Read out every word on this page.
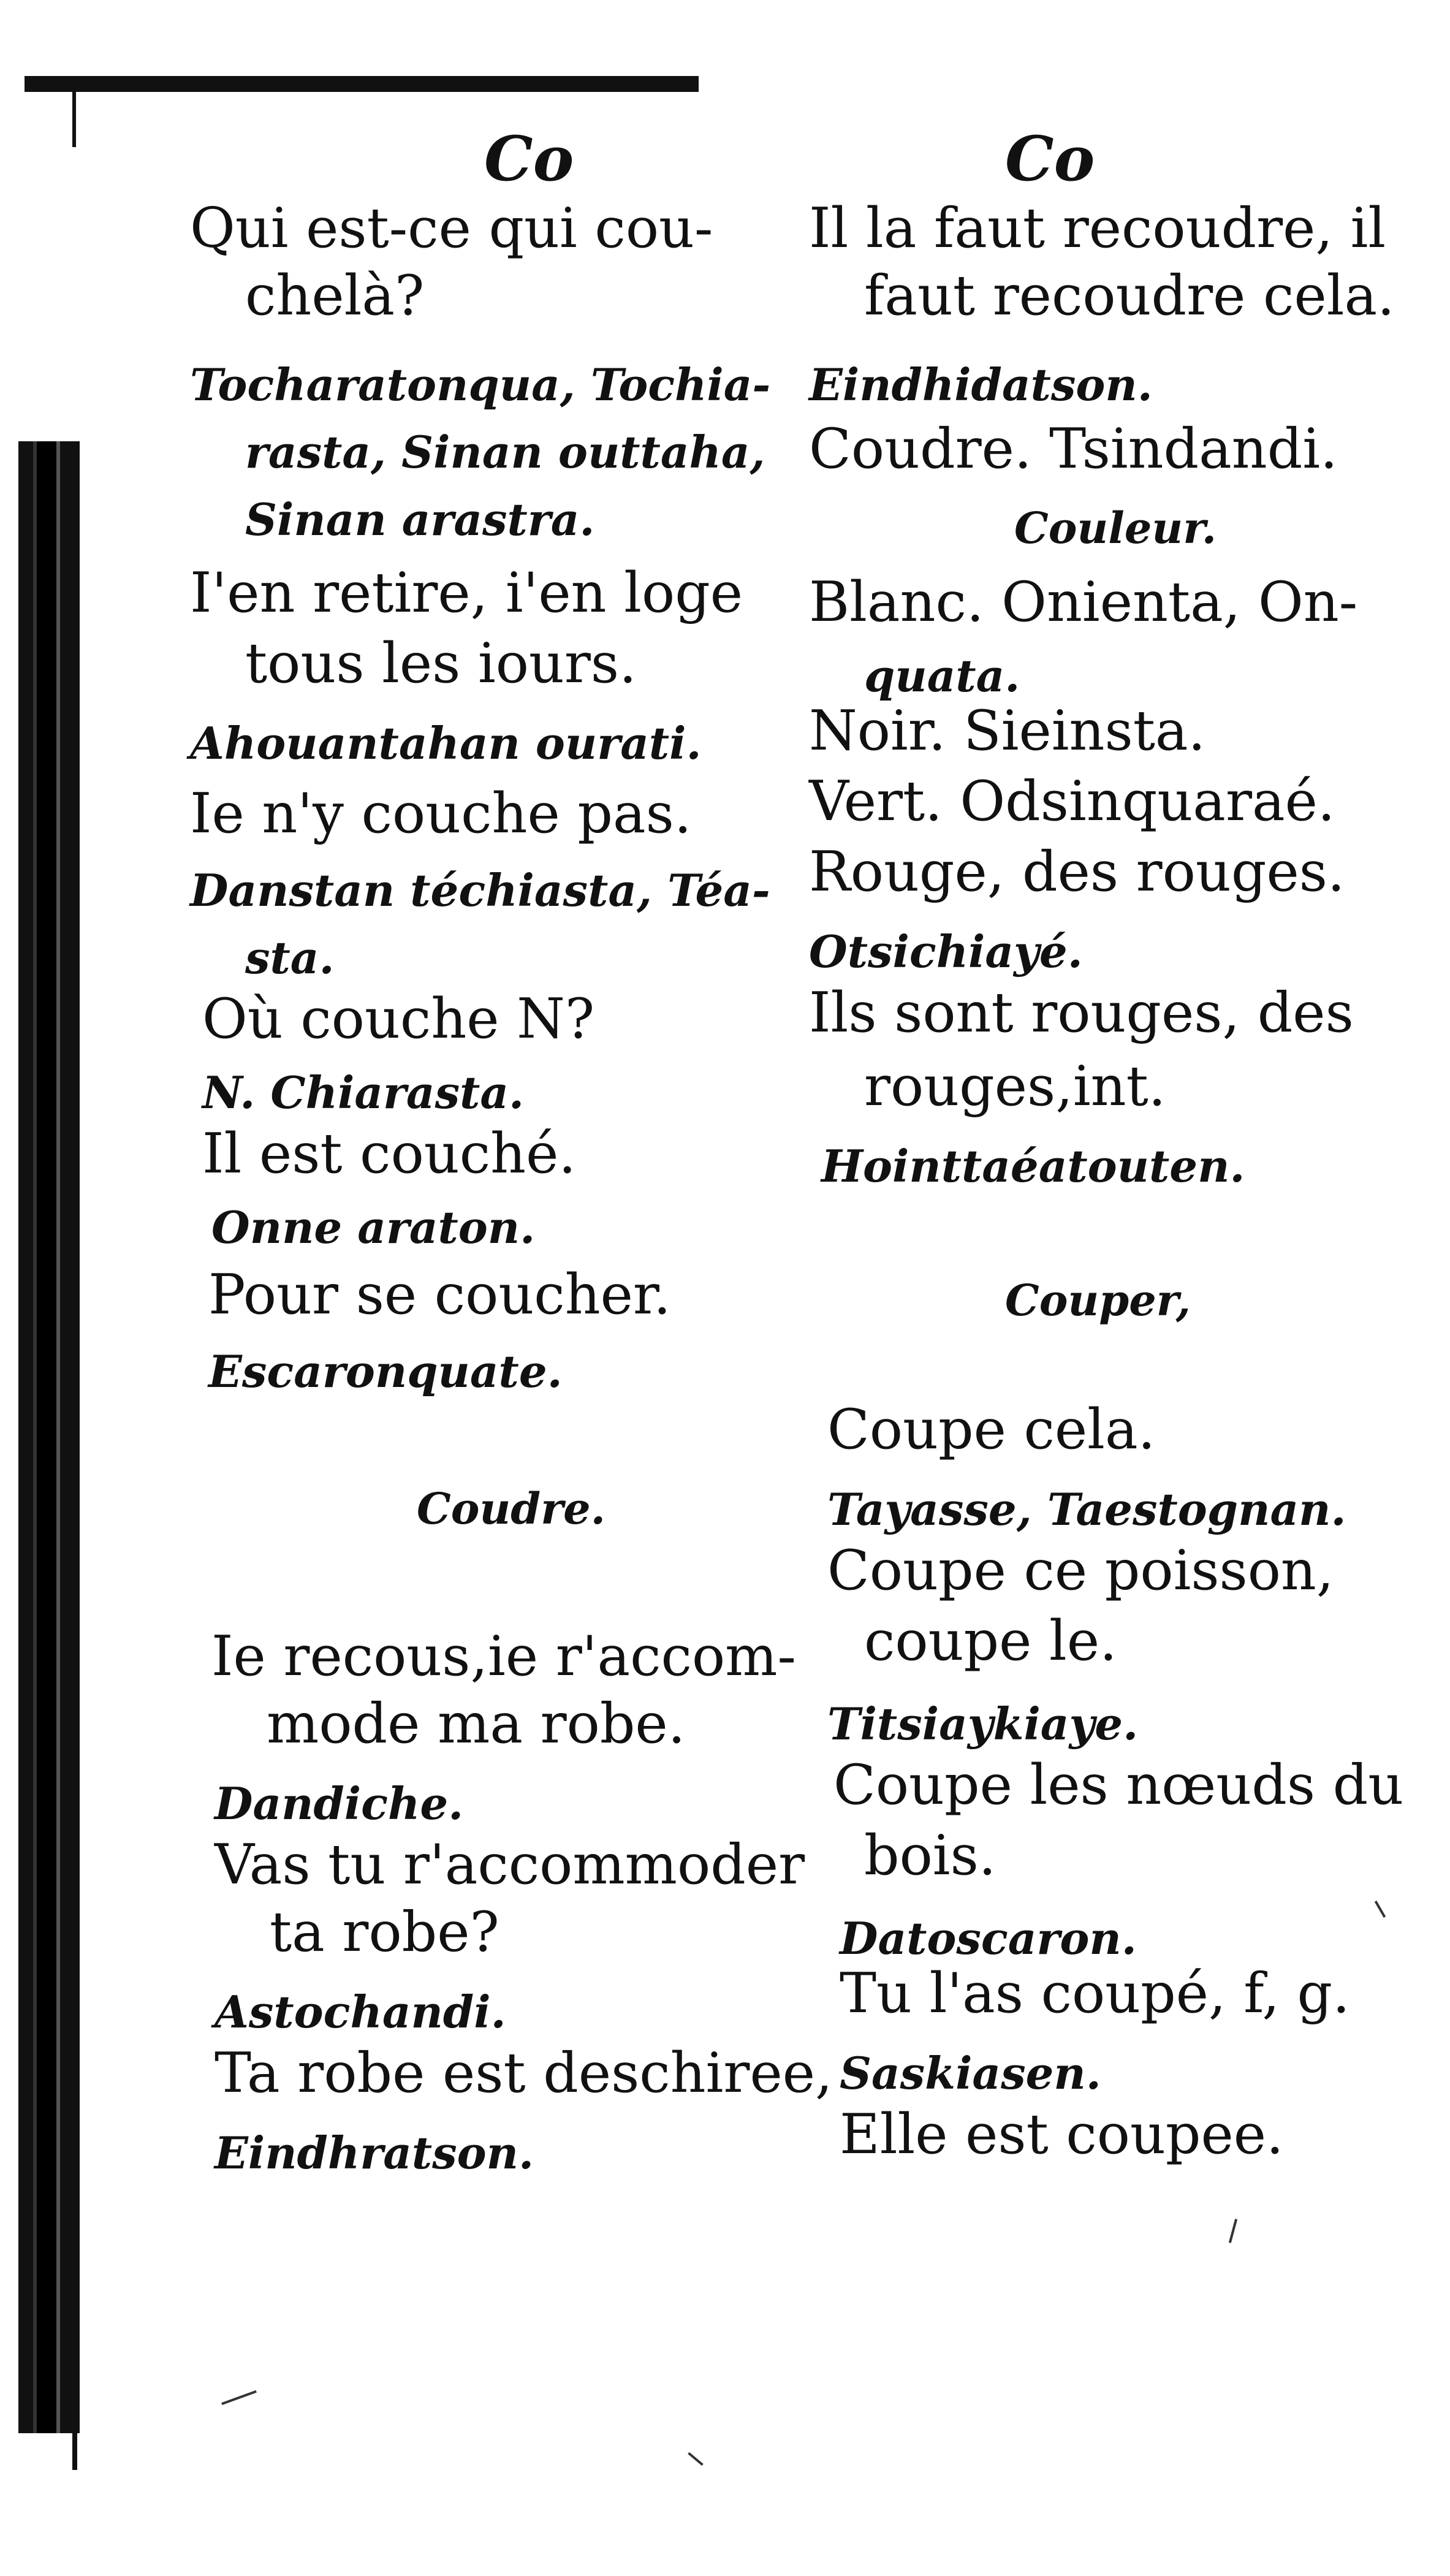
Co	Co
Qui est-ce qui cou-
chelà?
Tocharatonqua, Tochia-
rasta, Sinan outtaha,
Sinan arastra.
I'en retire, i'en loge
tous les iours.
Ahouantahan ourati.
Ie n'y couche pas.
Danstan téchiasta, Téa-
sta.
Où couche N?
N. Chiarasta.
Il est couché.
Onne araton.
Pour se coucher.
Escaronquate.
Coudre.
Ie recous,ie r'accom-
mode ma robe.
Dandiche.
Vas tu r'accommoder
ta robe?
Astochandi.
Ta robe est deschiree,
Eindhratson.
Il la faut recoudre, il
faut recoudre cela.
Eindhidatson.
Coudre. Tsindandi.
Couleur.
Blanc. Onienta, On-
quata.
Noir. Sieinsta.
Vert. Odsinquaraé.
Rouge, des rouges.
Otsichiayé.
Ils sont rouges, des
rouges,int.
Hointtaéatouten.
Couper,
Coupe cela.
Tayasse, Taestognan.
Coupe ce poisson,
coupe le.
Titsiaykiaye.
Coupe les nœuds du
bois.
Datoscaron.
Tu l'as coupé, f, g.
Saskiasen.
Elle est coupee.
